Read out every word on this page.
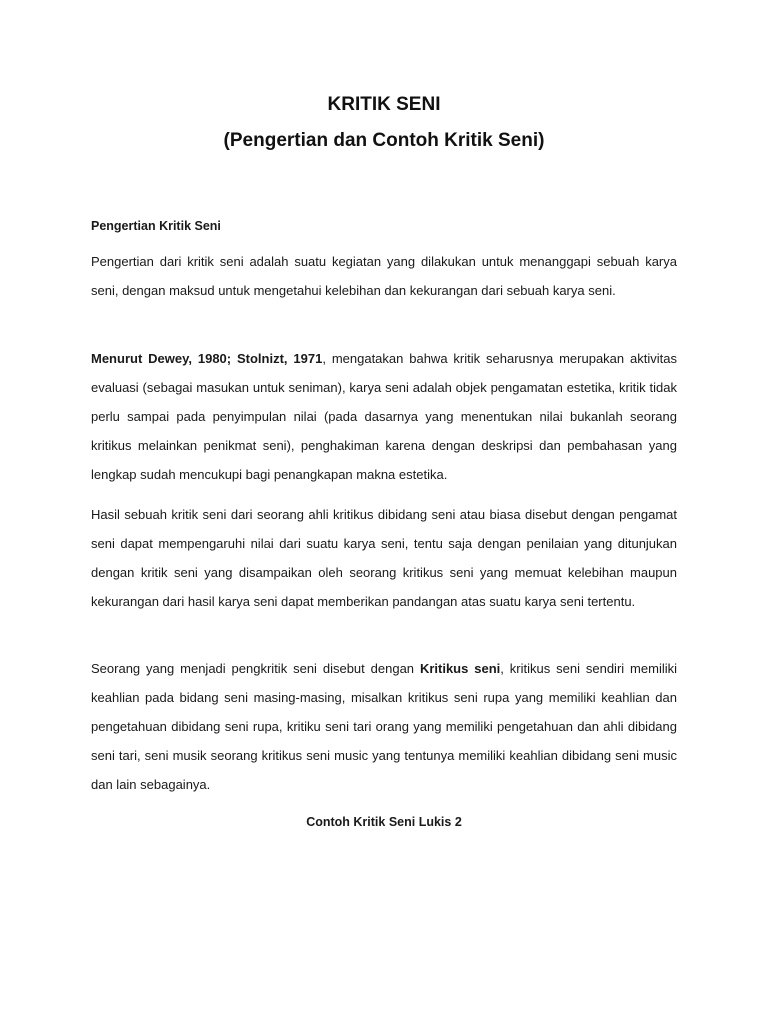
KRITIK SENI
(Pengertian dan Contoh Kritik Seni)

Pengertian Kritik Seni

Pengertian dari kritik seni adalah suatu kegiatan yang dilakukan untuk menanggapi sebuah karya seni, dengan maksud untuk mengetahui kelebihan dan kekurangan dari sebuah karya seni.

Menurut Dewey, 1980; Stolnizt, 1971, mengatakan bahwa kritik seharusnya merupakan aktivitas evaluasi (sebagai masukan untuk seniman), karya seni adalah objek pengamatan estetika, kritik tidak perlu sampai pada penyimpulan nilai (pada dasarnya yang menentukan nilai bukanlah seorang kritikus melainkan penikmat seni), penghakiman karena dengan deskripsi dan pembahasan yang lengkap sudah mencukupi bagi penangkapan makna estetika.

Hasil sebuah kritik seni dari seorang ahli kritikus dibidang seni atau biasa disebut dengan pengamat seni dapat mempengaruhi nilai dari suatu karya seni, tentu saja dengan penilaian yang ditunjukan dengan kritik seni yang disampaikan oleh seorang kritikus seni yang memuat kelebihan maupun kekurangan dari hasil karya seni dapat memberikan pandangan atas suatu karya seni tertentu.

Seorang yang menjadi pengkritik seni disebut dengan Kritikus seni, kritikus seni sendiri memiliki keahlian pada bidang seni masing-masing, misalkan kritikus seni rupa yang memiliki keahlian dan pengetahuan dibidang seni rupa, kritiku seni tari orang yang memiliki pengetahuan dan ahli dibidang seni tari, seni musik seorang kritikus seni music yang tentunya memiliki keahlian dibidang seni music dan lain sebagainya.

Contoh Kritik Seni Lukis 2
